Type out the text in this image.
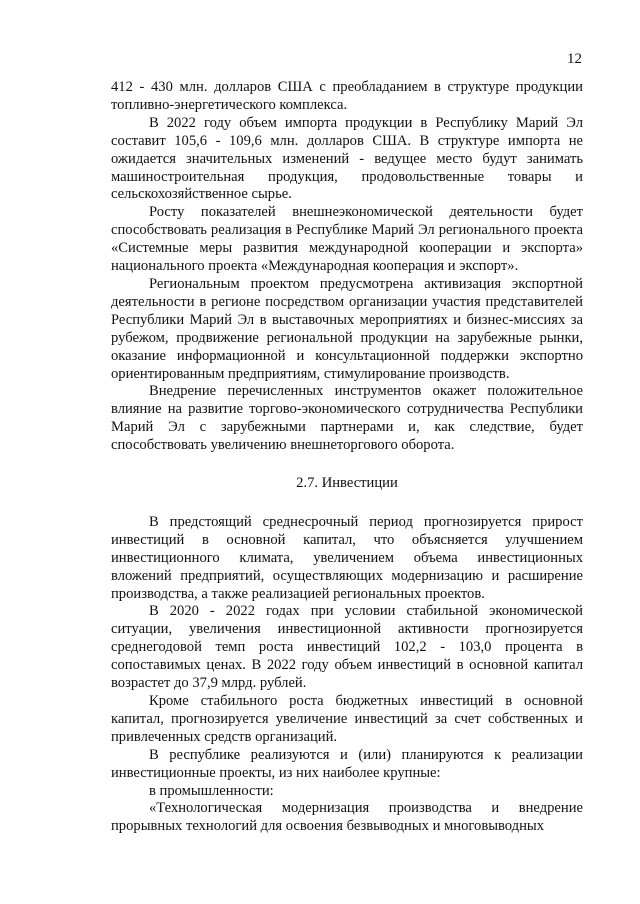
12

412 - 430 млн. долларов США с преобладанием в структуре продукции топливно-энергетического комплекса.

В 2022 году объем импорта продукции в Республику Марий Эл составит 105,6 - 109,6 млн. долларов США. В структуре импорта не ожидается значительных изменений - ведущее место будут занимать машиностроительная продукция, продовольственные товары и сельскохозяйственное сырье.

Росту показателей внешнеэкономической деятельности будет способствовать реализация в Республике Марий Эл регионального проекта «Системные меры развития международной кооперации и экспорта» национального проекта «Международная кооперация и экспорт».

Региональным проектом предусмотрена активизация экспортной деятельности в регионе посредством организации участия представителей Республики Марий Эл в выставочных мероприятиях и бизнес-миссиях за рубежом, продвижение региональной продукции на зарубежные рынки, оказание информационной и консультационной поддержки экспортно ориентированным предприятиям, стимулирование производств.

Внедрение перечисленных инструментов окажет положительное влияние на развитие торгово-экономического сотрудничества Республики Марий Эл с зарубежными партнерами и, как следствие, будет способствовать увеличению внешнеторгового оборота.

2.7. Инвестиции

В предстоящий среднесрочный период прогнозируется прирост инвестиций в основной капитал, что объясняется улучшением инвестиционного климата, увеличением объема инвестиционных вложений предприятий, осуществляющих модернизацию и расширение производства, а также реализацией региональных проектов.

В 2020 - 2022 годах при условии стабильной экономической ситуации, увеличения инвестиционной активности прогнозируется среднегодовой темп роста инвестиций 102,2 - 103,0 процента в сопоставимых ценах. В 2022 году объем инвестиций в основной капитал возрастет до 37,9 млрд. рублей.

Кроме стабильного роста бюджетных инвестиций в основной капитал, прогнозируется увеличение инвестиций за счет собственных и привлеченных средств организаций.

В республике реализуются и (или) планируются к реализации инвестиционные проекты, из них наиболее крупные:

в промышленности:

«Технологическая модернизация производства и внедрение прорывных технологий для освоения безвыводных и многовыводных
